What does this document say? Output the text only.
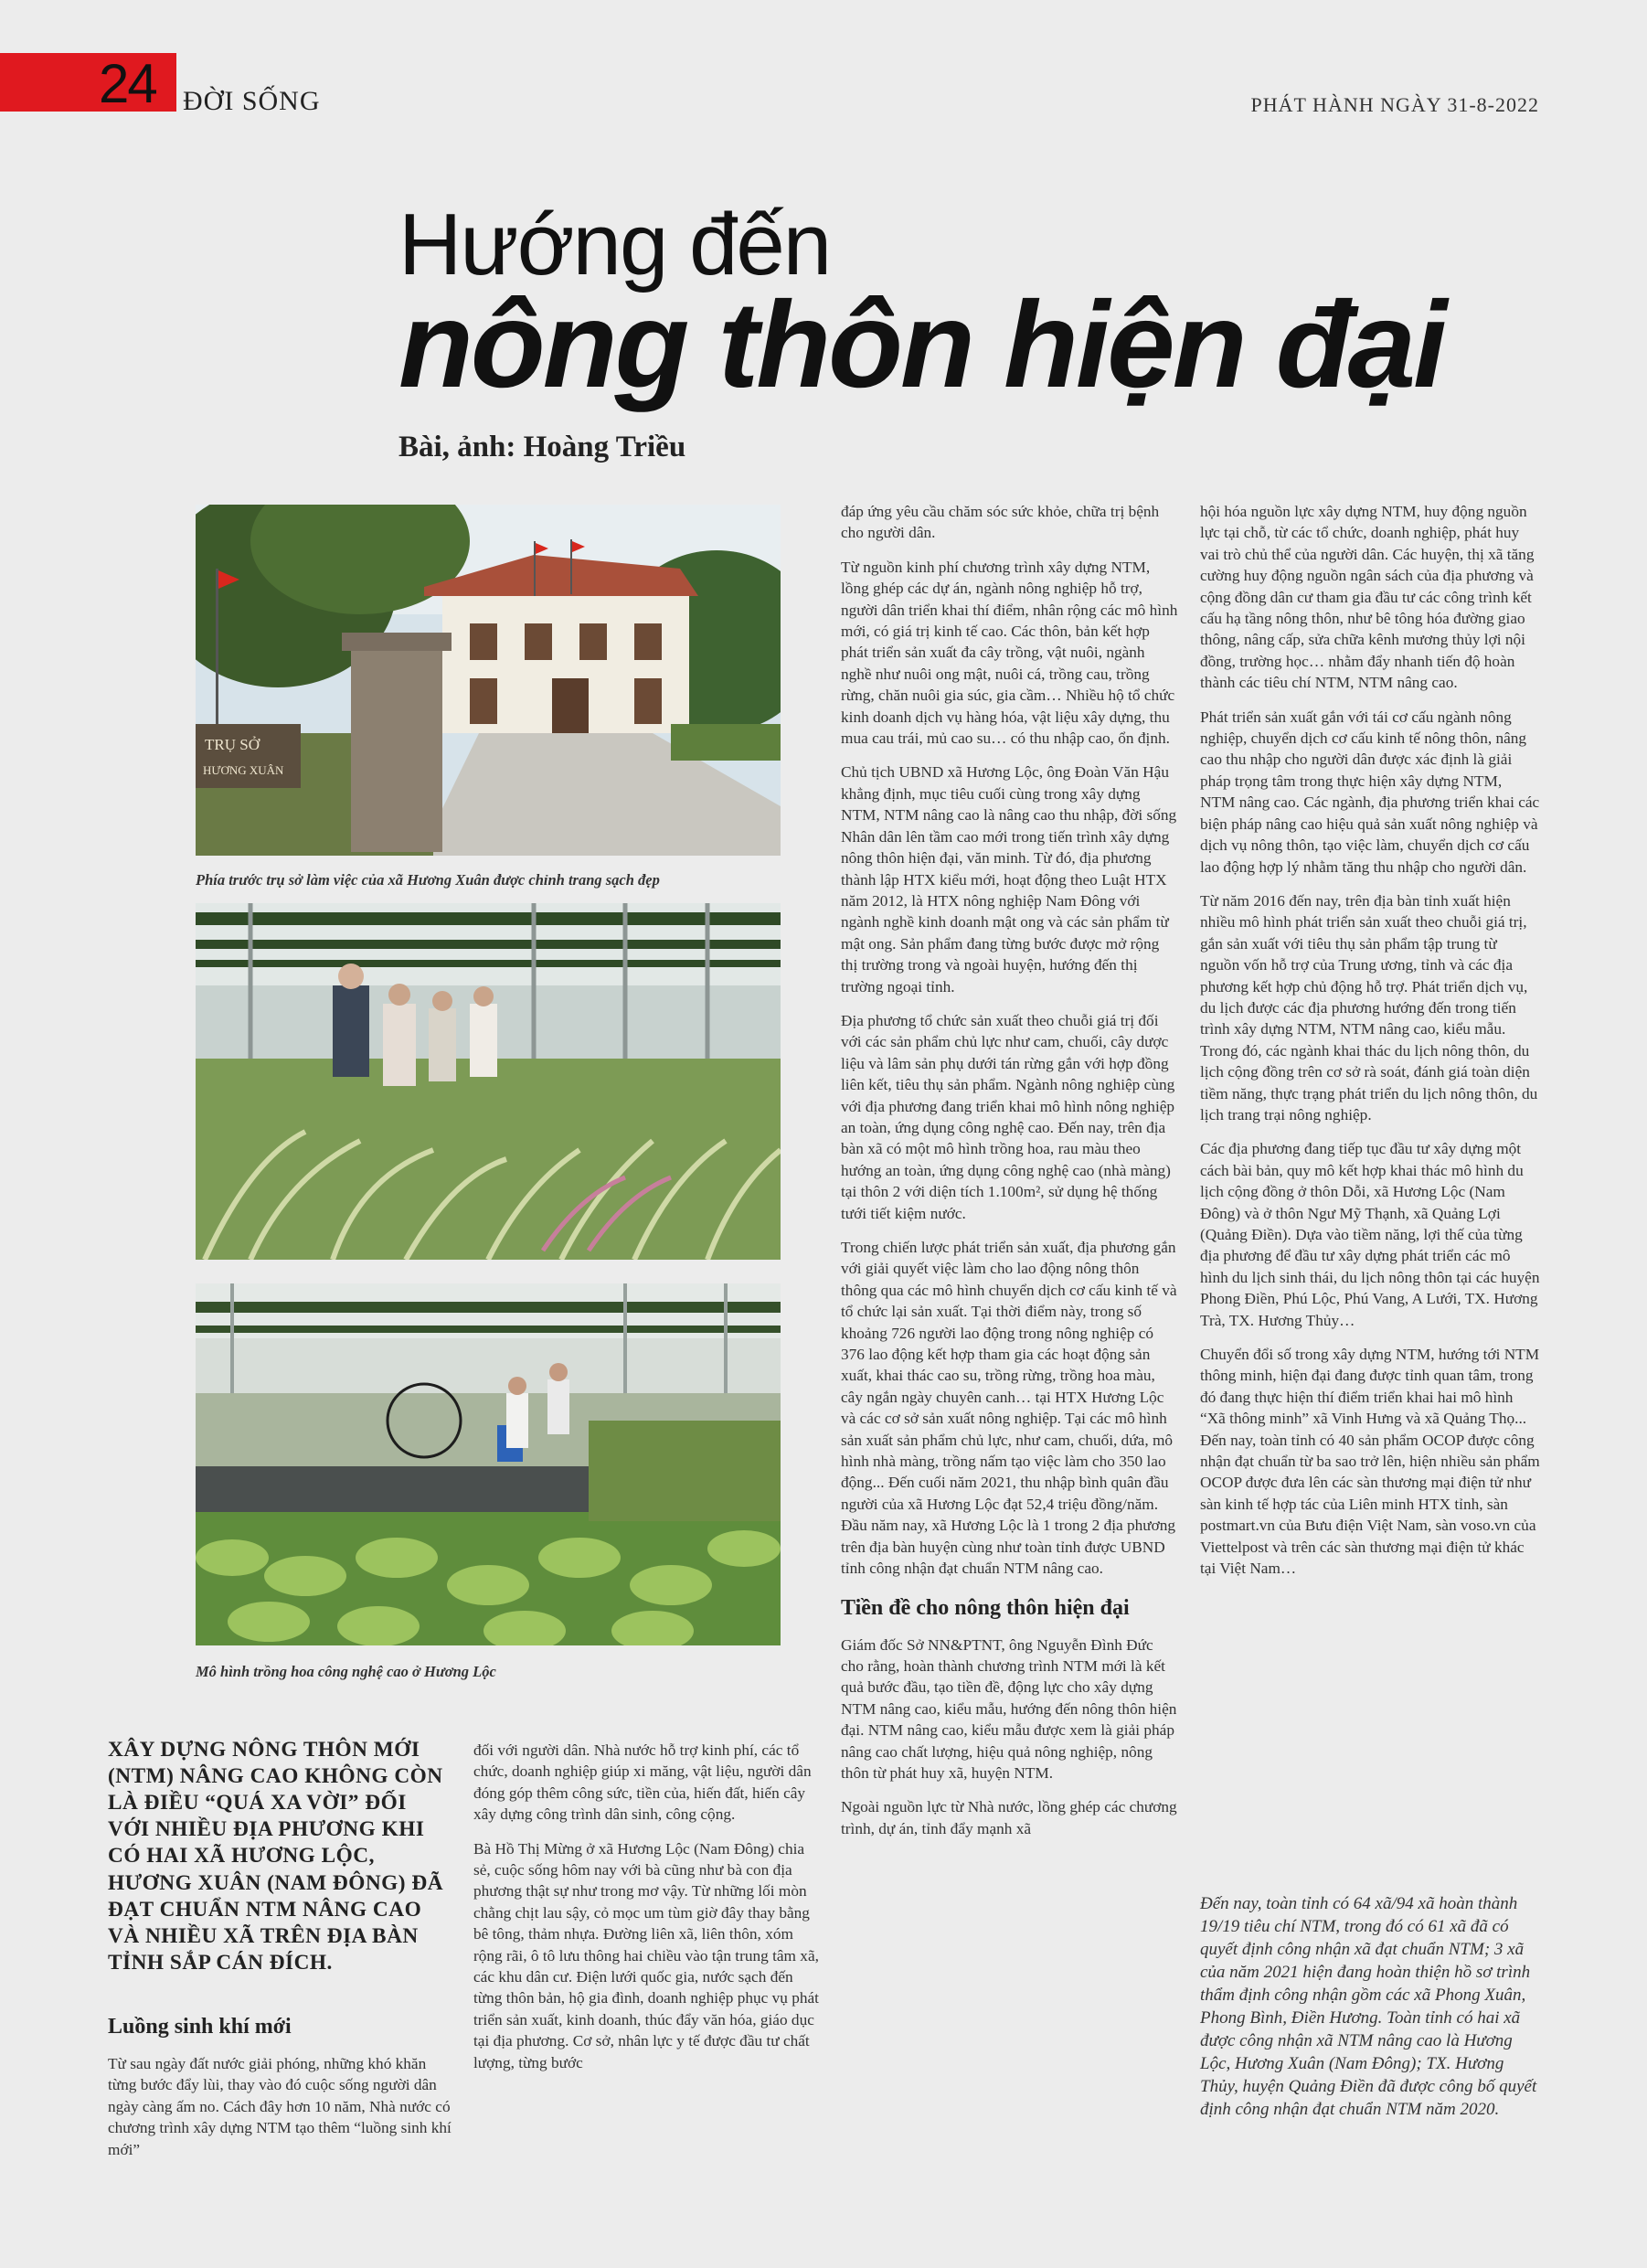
24 ĐỜI SỐNG	PHÁT HÀNH NGÀY 31-8-2022
Hướng đến
nông thôn hiện đại
Bài, ảnh: Hoàng Triều
TRỤ SỞ
HƯƠNG XUÂN
Phía trước trụ sở làm việc của xã Hương Xuân được chỉnh trang sạch đẹp
Mô hình trồng hoa công nghệ cao ở Hương Lộc
XÂY DỰNG NÔNG THÔN MỚI (NTM) NÂNG CAO KHÔNG CÒN LÀ ĐIỀU “QUÁ XA VỜI” ĐỐI VỚI NHIỀU ĐỊA PHƯƠNG KHI CÓ HAI XÃ HƯƠNG LỘC, HƯƠNG XUÂN (NAM ĐÔNG) ĐÃ ĐẠT CHUẨN NTM NÂNG CAO VÀ NHIỀU XÃ TRÊN ĐỊA BÀN TỈNH SẮP CÁN ĐÍCH.
Luồng sinh khí mới

Từ sau ngày đất nước giải phóng, những khó khăn từng bước đẩy lùi, thay vào đó cuộc sống người dân ngày càng ấm no. Cách đây hơn 10 năm, Nhà nước có chương trình xây dựng NTM tạo thêm “luồng sinh khí mới”

đối với người dân. Nhà nước hỗ trợ kinh phí, các tổ chức, doanh nghiệp giúp xi măng, vật liệu, người dân đóng góp thêm công sức, tiền của, hiến đất, hiến cây xây dựng công trình dân sinh, công cộng.

Bà Hồ Thị Mừng ở xã Hương Lộc (Nam Đông) chia sẻ, cuộc sống hôm nay với bà cũng như bà con địa phương thật sự như trong mơ vậy. Từ những lối mòn chằng chịt lau sậy, cỏ mọc um tùm giờ đây thay bằng bê tông, thảm nhựa. Đường liên xã, liên thôn, xóm rộng rãi, ô tô lưu thông hai chiều vào tận trung tâm xã, các khu dân cư. Điện lưới quốc gia, nước sạch đến từng thôn bản, hộ gia đình, doanh nghiệp phục vụ phát triển sản xuất, kinh doanh, thúc đẩy văn hóa, giáo dục tại địa phương. Cơ sở, nhân lực y tế được đầu tư chất lượng, từng bước

đáp ứng yêu cầu chăm sóc sức khỏe, chữa trị bệnh cho người dân.

Từ nguồn kinh phí chương trình xây dựng NTM, lồng ghép các dự án, ngành nông nghiệp hỗ trợ, người dân triển khai thí điểm, nhân rộng các mô hình mới, có giá trị kinh tế cao. Các thôn, bản kết hợp phát triển sản xuất đa cây trồng, vật nuôi, ngành nghề như nuôi ong mật, nuôi cá, trồng cau, trồng rừng, chăn nuôi gia súc, gia cầm… Nhiều hộ tổ chức kinh doanh dịch vụ hàng hóa, vật liệu xây dựng, thu mua cau trái, mủ cao su… có thu nhập cao, ổn định.

Chủ tịch UBND xã Hương Lộc, ông Đoàn Văn Hậu khẳng định, mục tiêu cuối cùng trong xây dựng NTM, NTM nâng cao là nâng cao thu nhập, đời sống Nhân dân lên tầm cao mới trong tiến trình xây dựng nông thôn hiện đại, văn minh. Từ đó, địa phương thành lập HTX kiểu mới, hoạt động theo Luật HTX năm 2012, là HTX nông nghiệp Nam Đông với ngành nghề kinh doanh mật ong và các sản phẩm từ mật ong. Sản phẩm đang từng bước được mở rộng thị trường trong và ngoài huyện, hướng đến thị trường ngoại tỉnh.

Địa phương tổ chức sản xuất theo chuỗi giá trị đối với các sản phẩm chủ lực như cam, chuối, cây dược liệu và lâm sản phụ dưới tán rừng gắn với hợp đồng liên kết, tiêu thụ sản phẩm. Ngành nông nghiệp cùng với địa phương đang triển khai mô hình nông nghiệp an toàn, ứng dụng công nghệ cao. Đến nay, trên địa bàn xã có một mô hình trồng hoa, rau màu theo hướng an toàn, ứng dụng công nghệ cao (nhà màng) tại thôn 2 với diện tích 1.100m², sử dụng hệ thống tưới tiết kiệm nước.

Trong chiến lược phát triển sản xuất, địa phương gắn với giải quyết việc làm cho lao động nông thôn thông qua các mô hình chuyển dịch cơ cấu kinh tế và tổ chức lại sản xuất. Tại thời điểm này, trong số khoảng 726 người lao động trong nông nghiệp có 376 lao động kết hợp tham gia các hoạt động sản xuất, khai thác cao su, trồng rừng, trồng hoa màu, cây ngắn ngày chuyên canh… tại HTX Hương Lộc và các cơ sở sản xuất nông nghiệp. Tại các mô hình sản xuất sản phẩm chủ lực, như cam, chuối, dứa, mô hình nhà màng, trồng nấm tạo việc làm cho 350 lao động... Đến cuối năm 2021, thu nhập bình quân đầu người của xã Hương Lộc đạt 52,4 triệu đồng/năm. Đầu năm nay, xã Hương Lộc là 1 trong 2 địa phương trên địa bàn huyện cùng như toàn tỉnh được UBND tỉnh công nhận đạt chuẩn NTM nâng cao.

Tiền đề cho nông thôn hiện đại

Giám đốc Sở NN&PTNT, ông Nguyễn Đình Đức cho rằng, hoàn thành chương trình NTM mới là kết quả bước đầu, tạo tiền đề, động lực cho xây dựng NTM nâng cao, kiểu mẫu, hướng đến nông thôn hiện đại. NTM nâng cao, kiểu mẫu được xem là giải pháp nâng cao chất lượng, hiệu quả nông nghiệp, nông thôn từ phát huy xã, huyện NTM.

Ngoài nguồn lực từ Nhà nước, lồng ghép các chương trình, dự án, tỉnh đẩy mạnh xã

hội hóa nguồn lực xây dựng NTM, huy động nguồn lực tại chỗ, từ các tổ chức, doanh nghiệp, phát huy vai trò chủ thể của người dân. Các huyện, thị xã tăng cường huy động nguồn ngân sách của địa phương và cộng đồng dân cư tham gia đầu tư các công trình kết cấu hạ tầng nông thôn, như bê tông hóa đường giao thông, nâng cấp, sửa chữa kênh mương thủy lợi nội đồng, trường học… nhằm đẩy nhanh tiến độ hoàn thành các tiêu chí NTM, NTM nâng cao.

Phát triển sản xuất gắn với tái cơ cấu ngành nông nghiệp, chuyển dịch cơ cấu kinh tế nông thôn, nâng cao thu nhập cho người dân được xác định là giải pháp trọng tâm trong thực hiện xây dựng NTM, NTM nâng cao. Các ngành, địa phương triển khai các biện pháp nâng cao hiệu quả sản xuất nông nghiệp và dịch vụ nông thôn, tạo việc làm, chuyển dịch cơ cấu lao động hợp lý nhằm tăng thu nhập cho người dân.

Từ năm 2016 đến nay, trên địa bàn tỉnh xuất hiện nhiều mô hình phát triển sản xuất theo chuỗi giá trị, gắn sản xuất với tiêu thụ sản phẩm tập trung từ nguồn vốn hỗ trợ của Trung ương, tỉnh và các địa phương kết hợp chủ động hỗ trợ. Phát triển dịch vụ, du lịch được các địa phương hướng đến trong tiến trình xây dựng NTM, NTM nâng cao, kiểu mẫu. Trong đó, các ngành khai thác du lịch nông thôn, du lịch cộng đồng trên cơ sở rà soát, đánh giá toàn diện tiềm năng, thực trạng phát triển du lịch nông thôn, du lịch trang trại nông nghiệp.

Các địa phương đang tiếp tục đầu tư xây dựng một cách bài bản, quy mô kết hợp khai thác mô hình du lịch cộng đồng ở thôn Dỗi, xã Hương Lộc (Nam Đông) và ở thôn Ngư Mỹ Thạnh, xã Quảng Lợi (Quảng Điền). Dựa vào tiềm năng, lợi thế của từng địa phương để đầu tư xây dựng phát triển các mô hình du lịch sinh thái, du lịch nông thôn tại các huyện Phong Điền, Phú Lộc, Phú Vang, A Lưới, TX. Hương Trà, TX. Hương Thủy…

Chuyển đổi số trong xây dựng NTM, hướng tới NTM thông minh, hiện đại đang được tỉnh quan tâm, trong đó đang thực hiện thí điểm triển khai hai mô hình “Xã thông minh” xã Vinh Hưng và xã Quảng Thọ... Đến nay, toàn tỉnh có 40 sản phẩm OCOP được công nhận đạt chuẩn từ ba sao trở lên, hiện nhiều sản phẩm OCOP được đưa lên các sàn thương mại điện tử như sàn kinh tế hợp tác của Liên minh HTX tỉnh, sàn postmart.vn của Bưu điện Việt Nam, sàn voso.vn của Viettelpost và trên các sàn thương mại điện tử khác tại Việt Nam…

Đến nay, toàn tỉnh có 64 xã/94 xã hoàn thành 19/19 tiêu chí NTM, trong đó có 61 xã đã có quyết định công nhận xã đạt chuẩn NTM; 3 xã của năm 2021 hiện đang hoàn thiện hồ sơ trình thẩm định công nhận gồm các xã Phong Xuân, Phong Bình, Điền Hương. Toàn tỉnh có hai xã được công nhận xã NTM nâng cao là Hương Lộc, Hương Xuân (Nam Đông); TX. Hương Thủy, huyện Quảng Điền đã được công bố quyết định công nhận đạt chuẩn NTM năm 2020.
